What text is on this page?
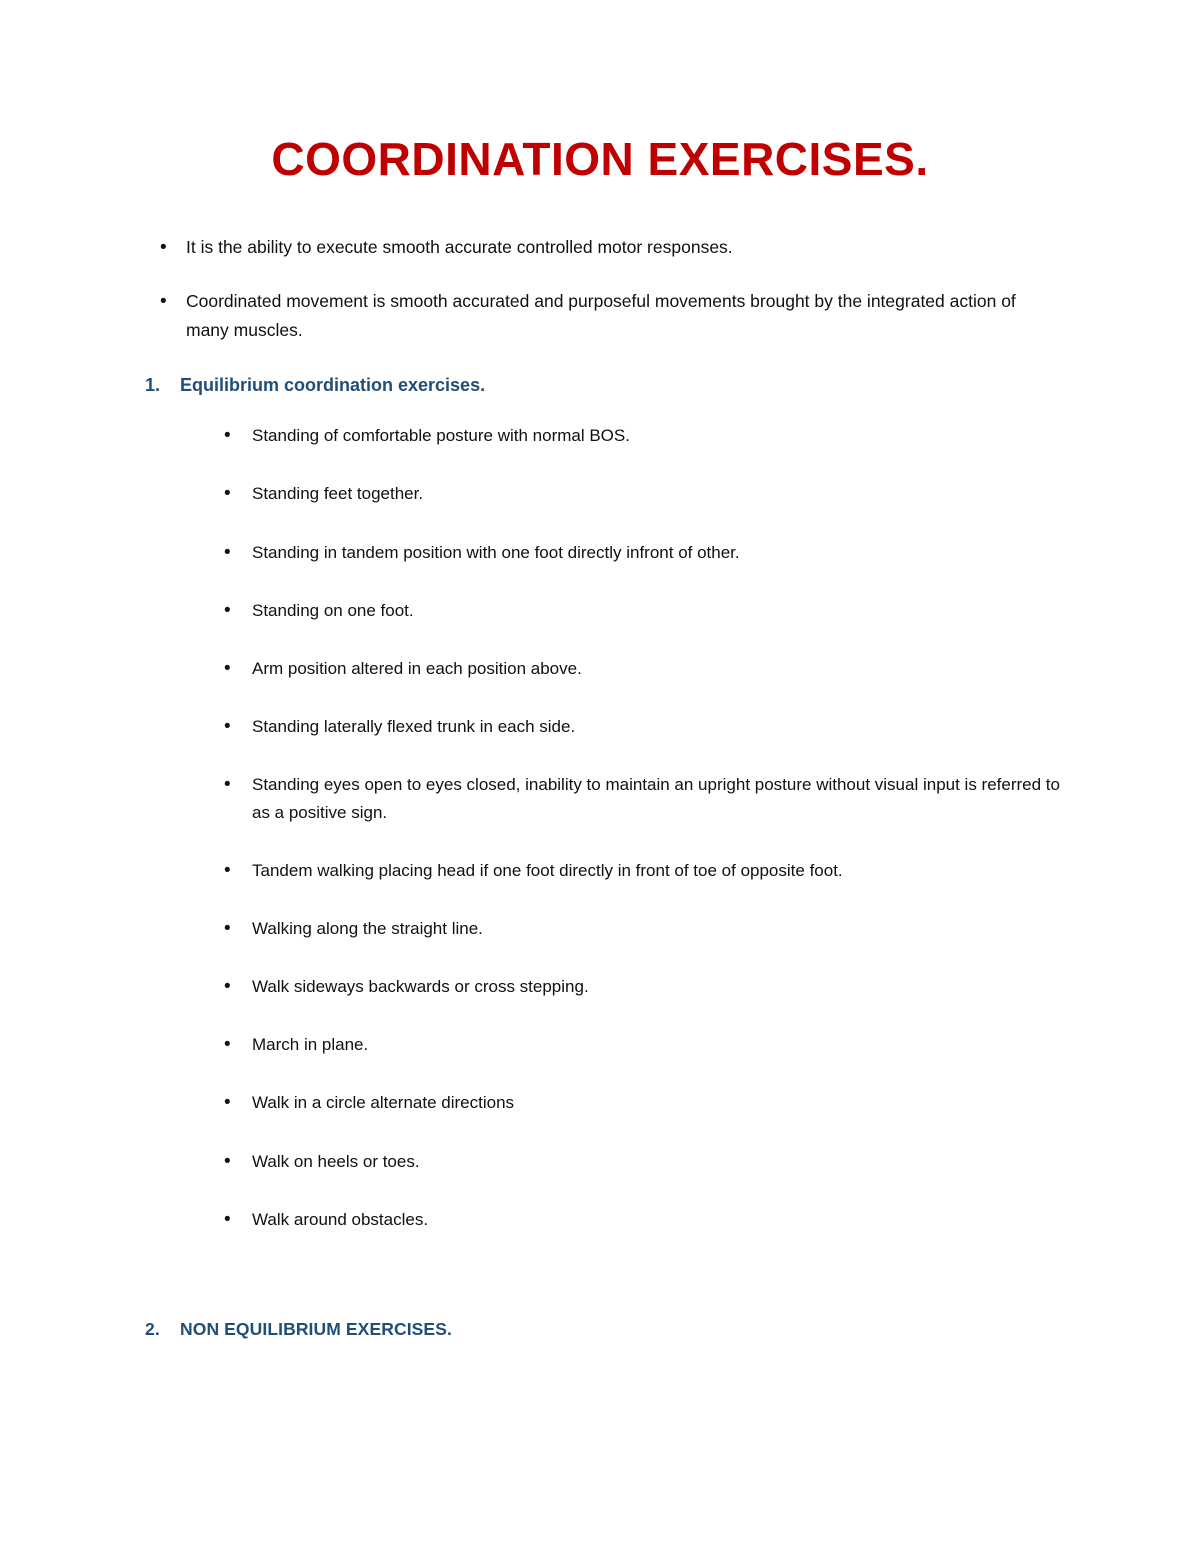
COORDINATION EXERCISES.
• It is the ability to execute smooth accurate controlled motor responses.
• Coordinated movement is smooth accurated and purposeful movements brought by the integrated action of many muscles.
1. Equilibrium coordination exercises.
• Standing of comfortable posture with normal BOS.
• Standing feet together.
• Standing in tandem position with one foot directly infront of other.
• Standing on one foot.
• Arm position altered in each position above.
• Standing laterally flexed trunk in each side.
• Standing eyes open to eyes closed, inability to maintain an upright posture without visual input is referred to as a positive sign.
• Tandem walking placing head if one foot directly in front of toe of opposite foot.
• Walking along the straight line.
• Walk sideways backwards or cross stepping.
• March in plane.
• Walk in a circle alternate directions
• Walk on heels or toes.
• Walk around obstacles.
2. NON EQUILIBRIUM EXERCISES.
